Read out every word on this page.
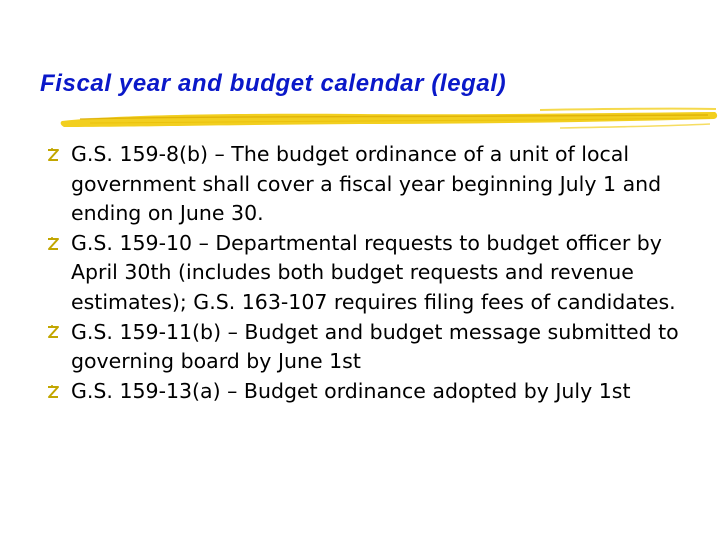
Fiscal year and budget calendar (legal)
G.S. 159-8(b) – The budget ordinance of a unit of local government shall cover a fiscal year beginning July 1 and ending on June 30.
G.S. 159-10 – Departmental requests to budget officer by April 30th (includes both budget requests and revenue estimates); G.S. 163-107 requires filing fees of candidates.
G.S. 159-11(b) – Budget and budget message submitted to governing board by June 1st
G.S. 159-13(a) – Budget ordinance adopted by July 1st
